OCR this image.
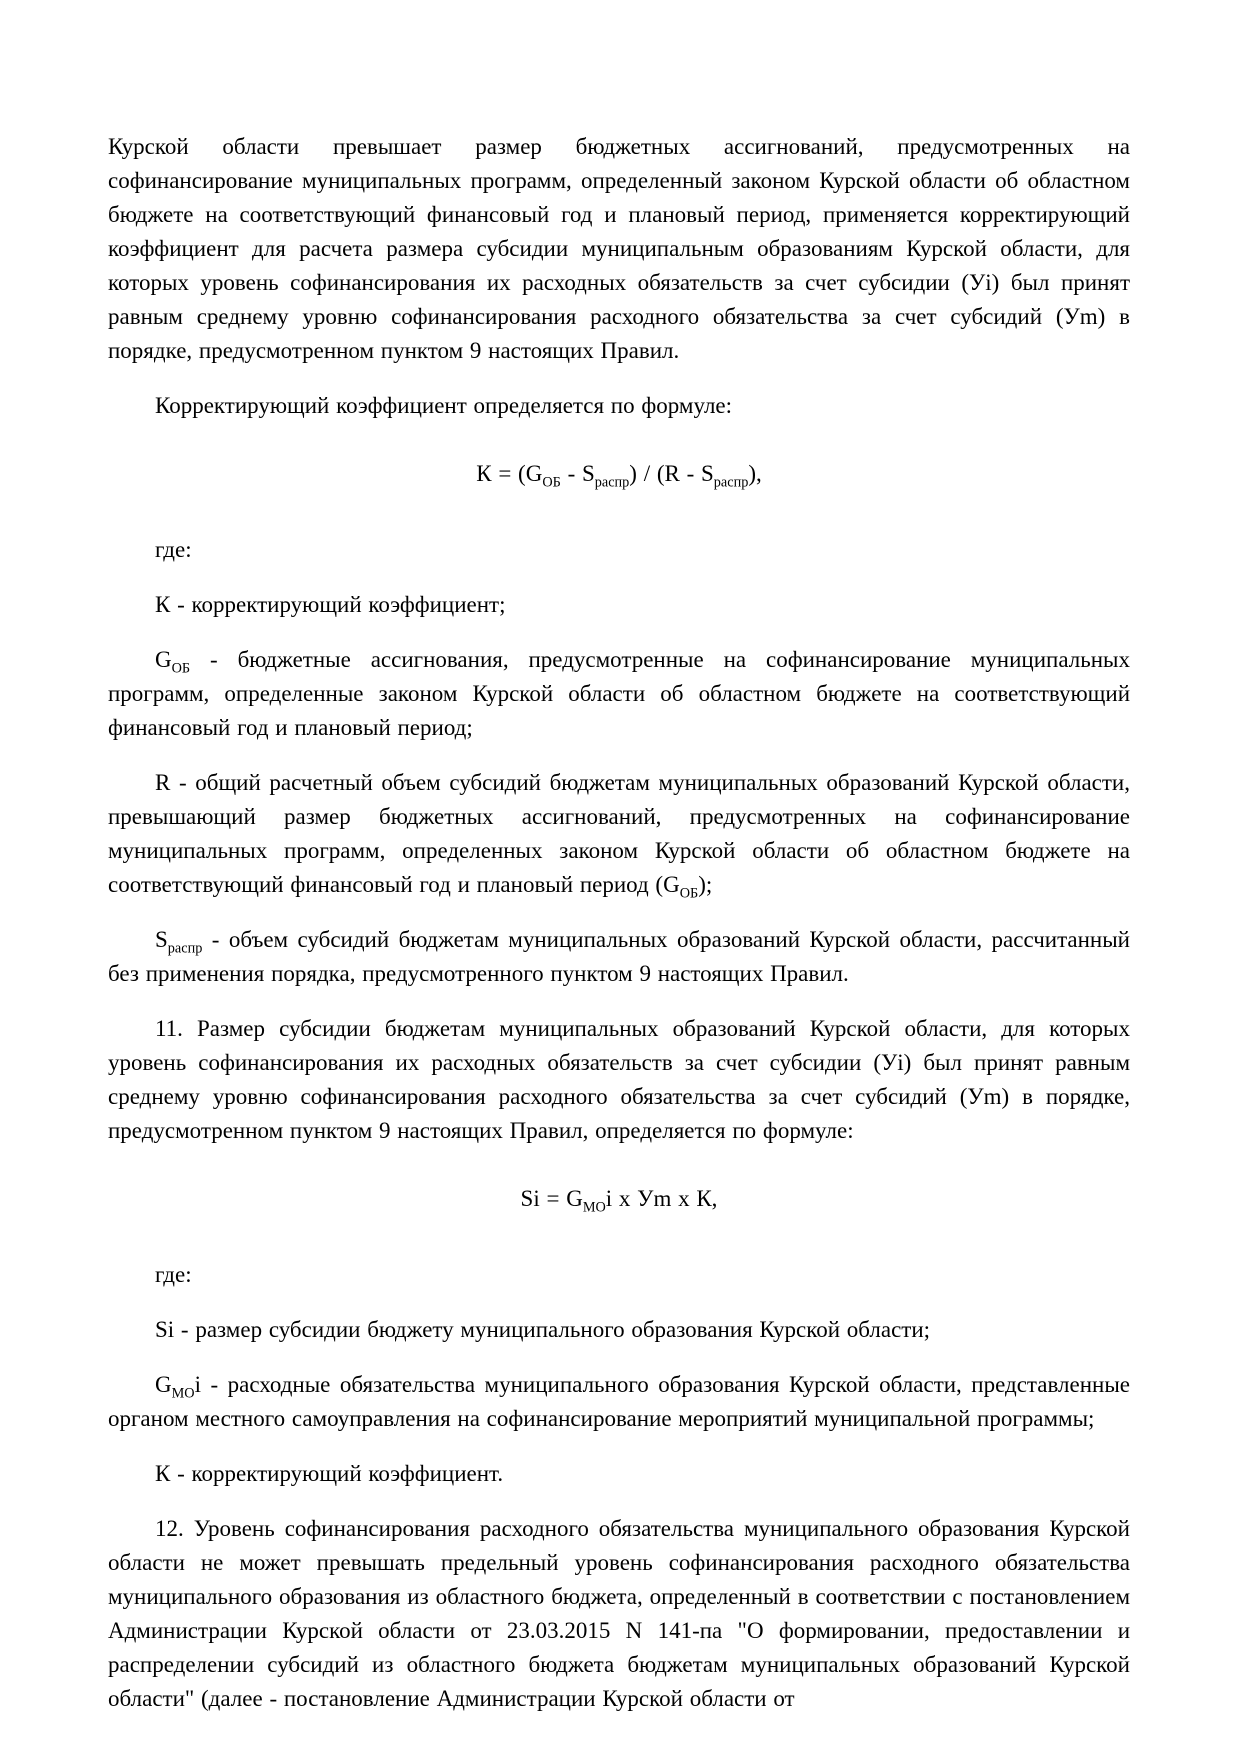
Курской области превышает размер бюджетных ассигнований, предусмотренных на софинансирование муниципальных программ, определенный законом Курской области об областном бюджете на соответствующий финансовый год и плановый период, применяется корректирующий коэффициент для расчета размера субсидии муниципальным образованиям Курской области, для которых уровень софинансирования их расходных обязательств за счет субсидии (Уi) был принят равным среднему уровню софинансирования расходного обязательства за счет субсидий (Уm) в порядке, предусмотренном пунктом 9 настоящих Правил.

Корректирующий коэффициент определяется по формуле:

$К = (G_{ОБ} - S_{распр}) / (R - S_{распр})$,

где:

К - корректирующий коэффициент;

$G_{ОБ}$ - бюджетные ассигнования, предусмотренные на софинансирование муниципальных программ, определенные законом Курской области об областном бюджете на соответствующий финансовый год и плановый период;

R - общий расчетный объем субсидий бюджетам муниципальных образований Курской области, превышающий размер бюджетных ассигнований, предусмотренных на софинансирование муниципальных программ, определенных законом Курской области об областном бюджете на соответствующий финансовый год и плановый период $(G_{ОБ})$;

$S_{распр}$ - объем субсидий бюджетам муниципальных образований Курской области, рассчитанный без применения порядка, предусмотренного пунктом 9 настоящих Правил.

11. Размер субсидии бюджетам муниципальных образований Курской области, для которых уровень софинансирования их расходных обязательств за счет субсидии (Уi) был принят равным среднему уровню софинансирования расходного обязательства за счет субсидий (Уm) в порядке, предусмотренном пунктом 9 настоящих Правил, определяется по формуле:

$Si = G_{МО}i$ x Уm x К,

где:

Si - размер субсидии бюджету муниципального образования Курской области;

$G_{МО}i$ - расходные обязательства муниципального образования Курской области, представленные органом местного самоуправления на софинансирование мероприятий муниципальной программы;

К - корректирующий коэффициент.

12. Уровень софинансирования расходного обязательства муниципального образования Курской области не может превышать предельный уровень софинансирования расходного обязательства муниципального образования из областного бюджета, определенный в соответствии с постановлением Администрации Курской области от 23.03.2015 N 141-па "О формировании, предоставлении и распределении субсидий из областного бюджета бюджетам муниципальных образований Курской области" (далее - постановление Администрации Курской области от
